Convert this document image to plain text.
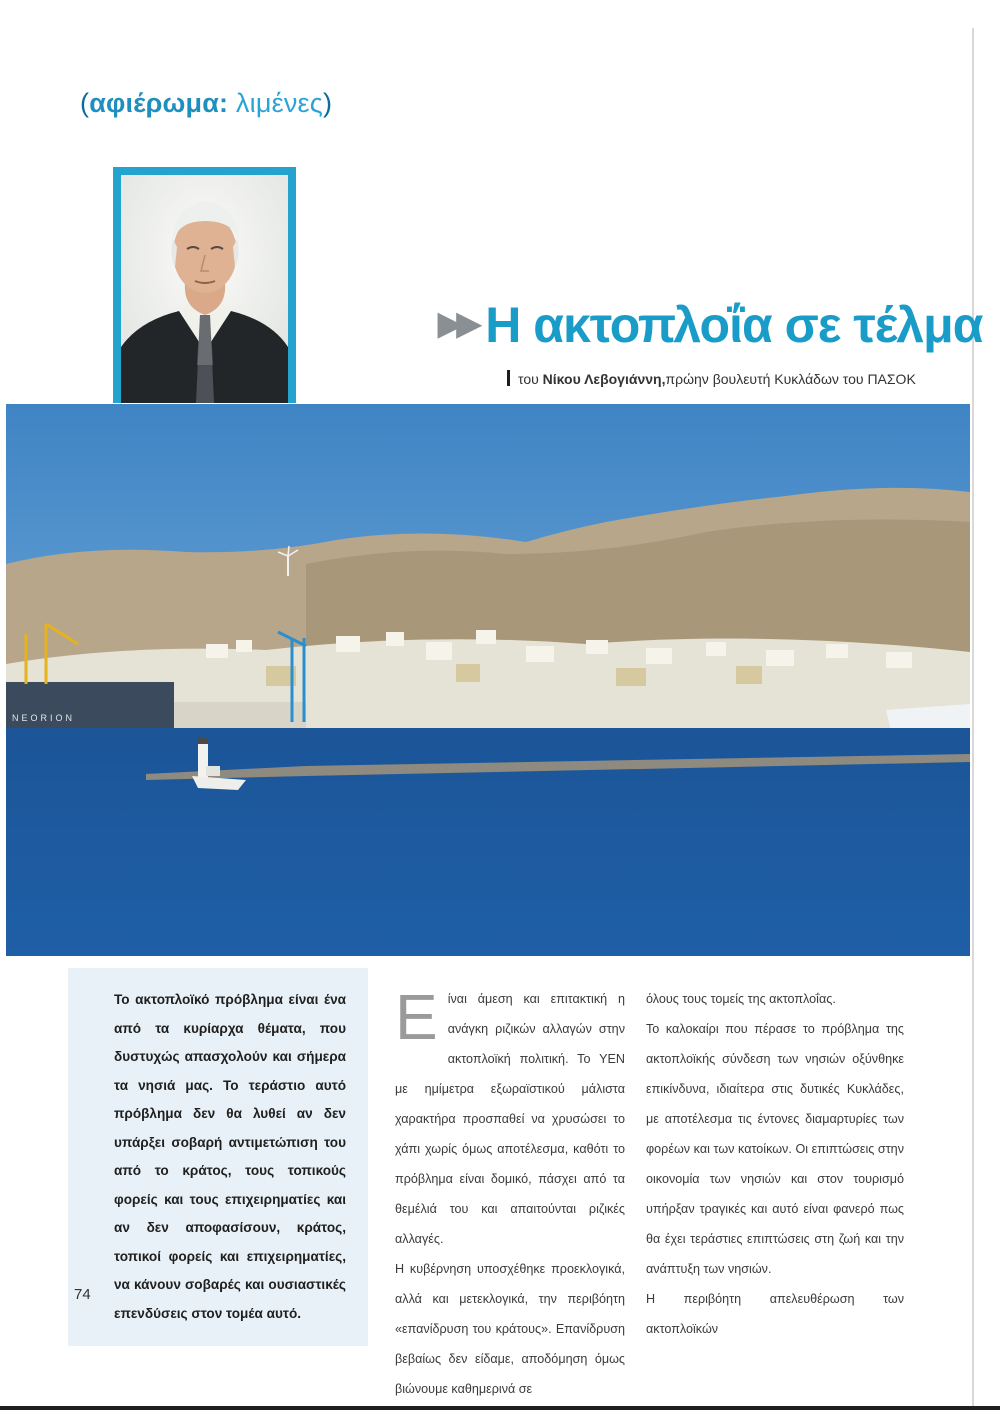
(αφιέρωμα: λιμένες)
▶▶ Η ακτοπλοΐα σε τέλμα
του Νίκου Λεβογιάννη,πρώην βουλευτή Κυκλάδων του ΠΑΣΟΚ
NEORION

Το ακτοπλοϊκό πρόβλημα είναι ένα από τα κυρίαρχα θέματα, που δυστυχώς απασχολούν και σήμερα τα νησιά μας. Το τεράστιο αυτό πρόβλημα δεν θα λυθεί αν δεν υπάρξει σοβαρή αντιμετώπιση του από το κράτος, τους τοπικούς φορείς και τους επιχειρηματίες και αν δεν αποφασίσουν, κράτος, τοπικοί φορείς και επιχειρηματίες, να κάνουν σοβαρές και ουσιαστικές επενδύσεις στον τομέα αυτό.

74
Ε ίναι άμεση και επιτακτική η ανάγκη ριζικών αλλαγών στην ακτοπλοϊκή πολιτική. Το ΥΕΝ με ημίμετρα εξωραϊστικού μάλιστα χαρακτήρα προσπαθεί να χρυσώσει το χάπι χωρίς όμως αποτέλεσμα, καθότι το πρόβλημα είναι δομικό, πάσχει από τα θεμέλιά του και απαιτούνται ριζικές αλλαγές.

Η κυβέρνηση υποσχέθηκε προεκλογικά, αλλά και μετεκλογικά, την περιβόητη «επανίδρυση του κράτους». Επανίδρυση βεβαίως δεν είδαμε, αποδόμηση όμως βιώνουμε καθημερινά σε

όλους τους τομείς της ακτοπλοΐας.

Το καλοκαίρι που πέρασε το πρόβλημα της ακτοπλοϊκής σύνδεση των νησιών οξύνθηκε επικίνδυνα, ιδιαίτερα στις δυτικές Κυκλάδες, με αποτέλεσμα τις έντονες διαμαρτυρίες των φορέων και των κατοίκων. Οι επιπτώσεις στην οικονομία των νησιών και στον τουρισμό υπήρξαν τραγικές και αυτό είναι φανερό πως θα έχει τεράστιες επιπτώσεις στη ζωή και την ανάπτυξη των νησιών.

Η περιβόητη απελευθέρωση των ακτοπλοϊκών
